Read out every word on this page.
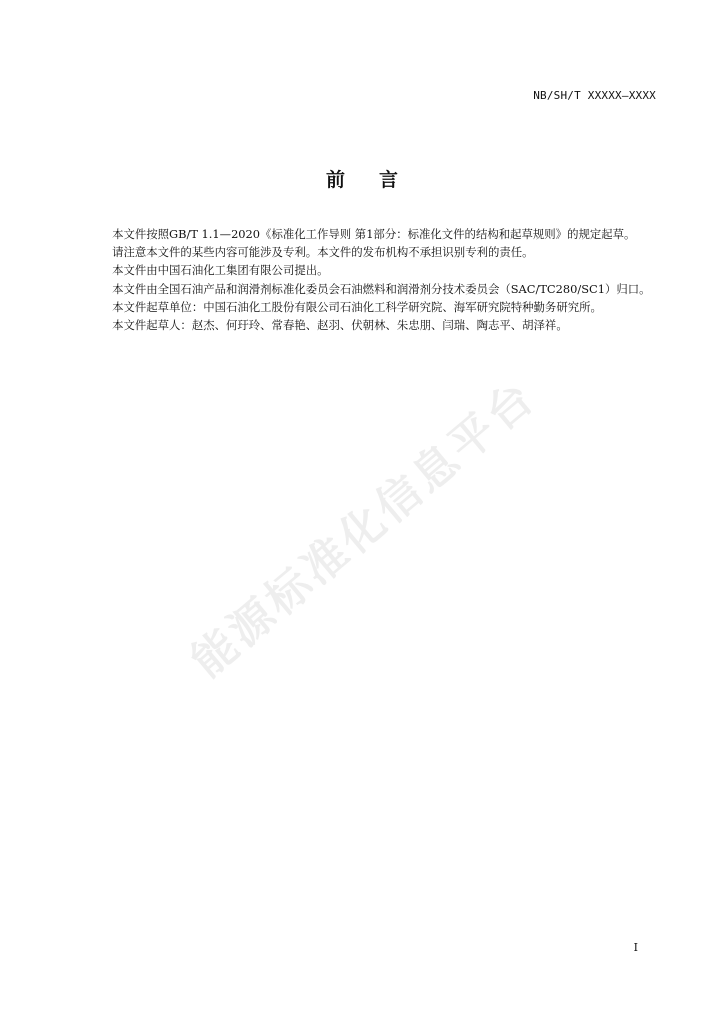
NB/SH/T XXXXX—XXXX
前言

本文件按照GB/T 1.1—2020《标准化工作导则 第1部分：标准化文件的结构和起草规则》的规定起草。

请注意本文件的某些内容可能涉及专利。本文件的发布机构不承担识别专利的责任。

本文件由中国石油化工集团有限公司提出。

本文件由全国石油产品和润滑剂标准化委员会石油燃料和润滑剂分技术委员会（SAC/TC280/SC1）归口。

本文件起草单位：中国石油化工股份有限公司石油化工科学研究院、海军研究院特种勤务研究所。

本文件起草人：赵杰、何玗玲、常春艳、赵羽、伏朝林、朱忠朋、闫瑞、陶志平、胡泽祥。

能源标准化信息平台
I
